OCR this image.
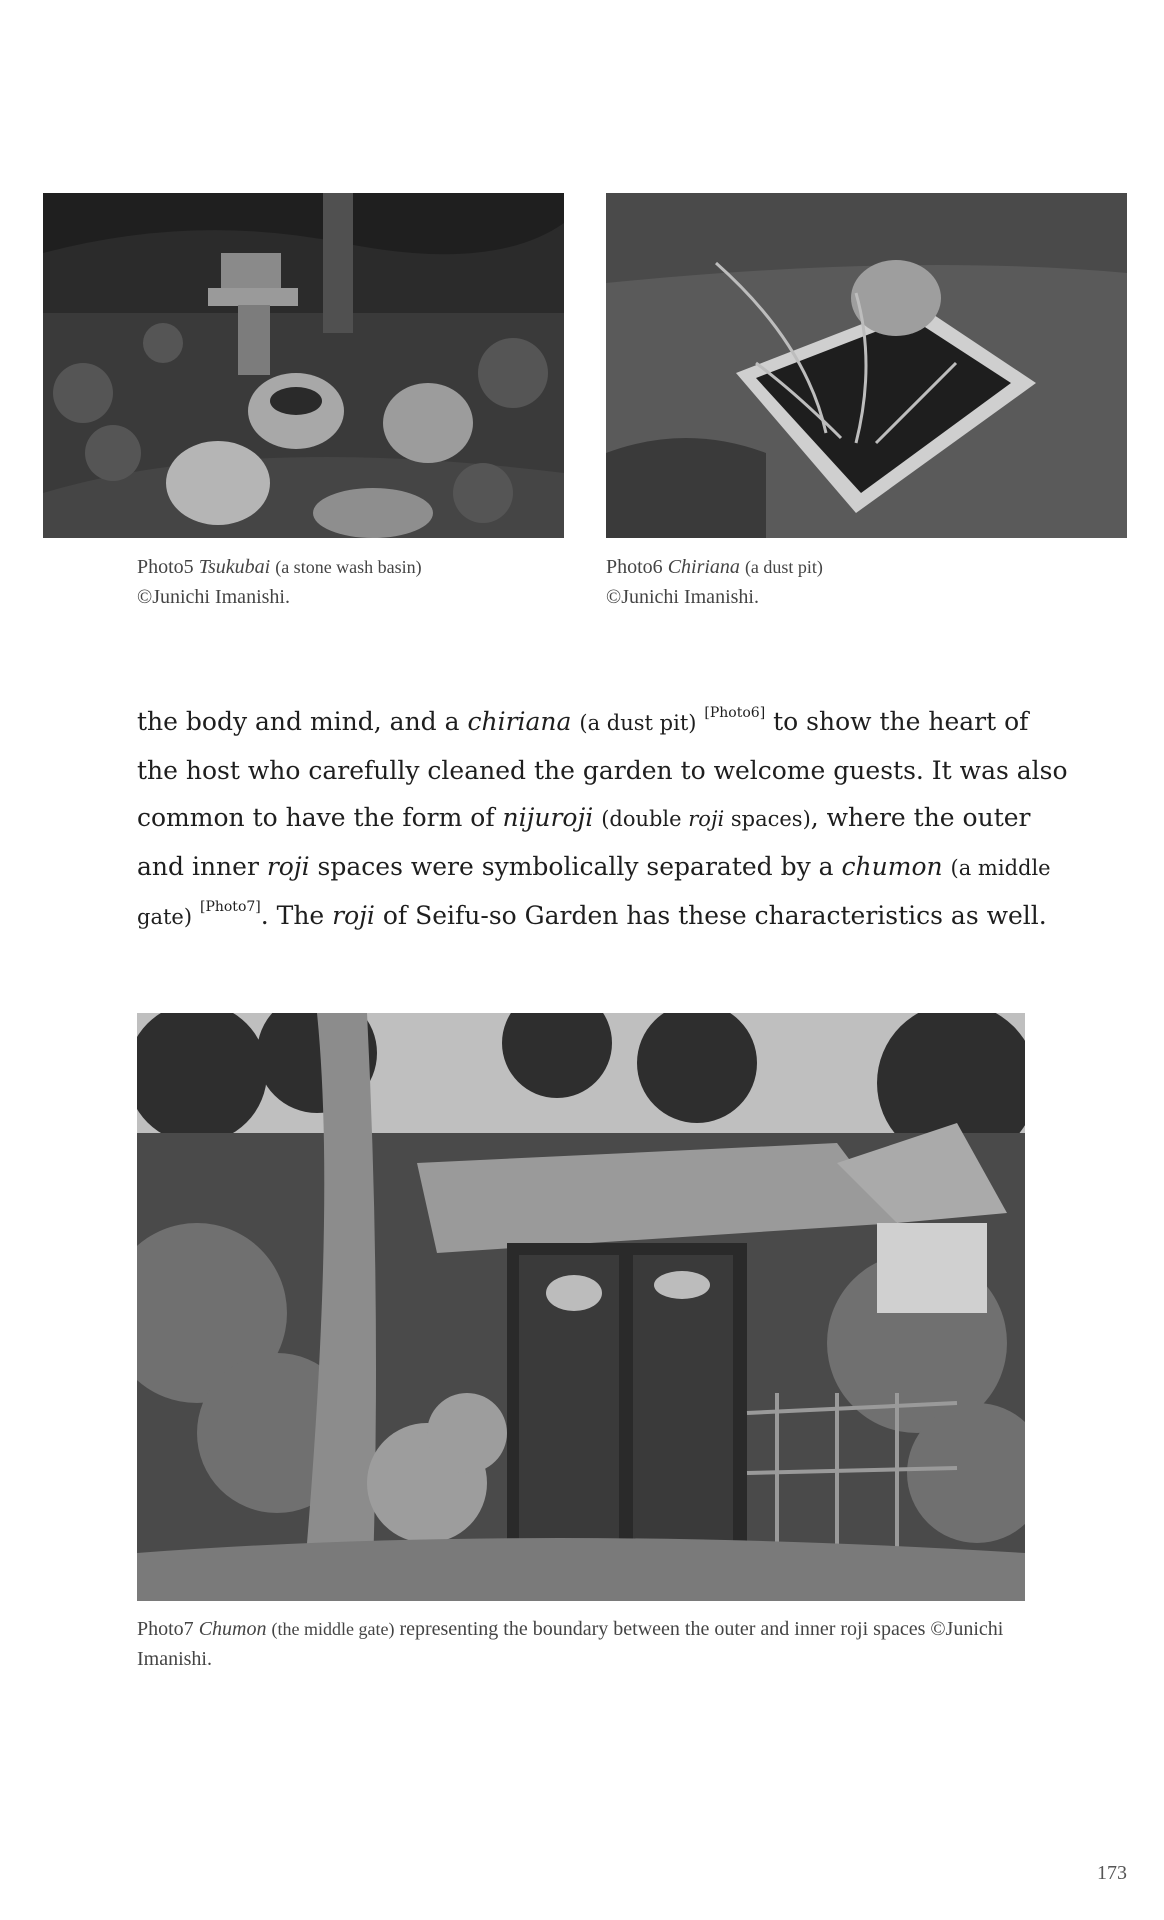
Photo5 Tsukubai (a stone wash basin)
©Junichi Imanishi.
Photo6 Chiriana (a dust pit)
©Junichi Imanishi.
the body and mind, and a chiriana (a dust pit) [Photo6] to show the heart of
the host who carefully cleaned the garden to welcome guests. It was also
common to have the form of nijuroji (double roji spaces), where the outer
and inner roji spaces were symbolically separated by a chumon (a middle
gate) [Photo7]. The roji of Seifu-so Garden has these characteristics as well.
Photo7 Chumon (the middle gate) representing the boundary between the outer and inner roji spaces ©Junichi Imanishi.
173
